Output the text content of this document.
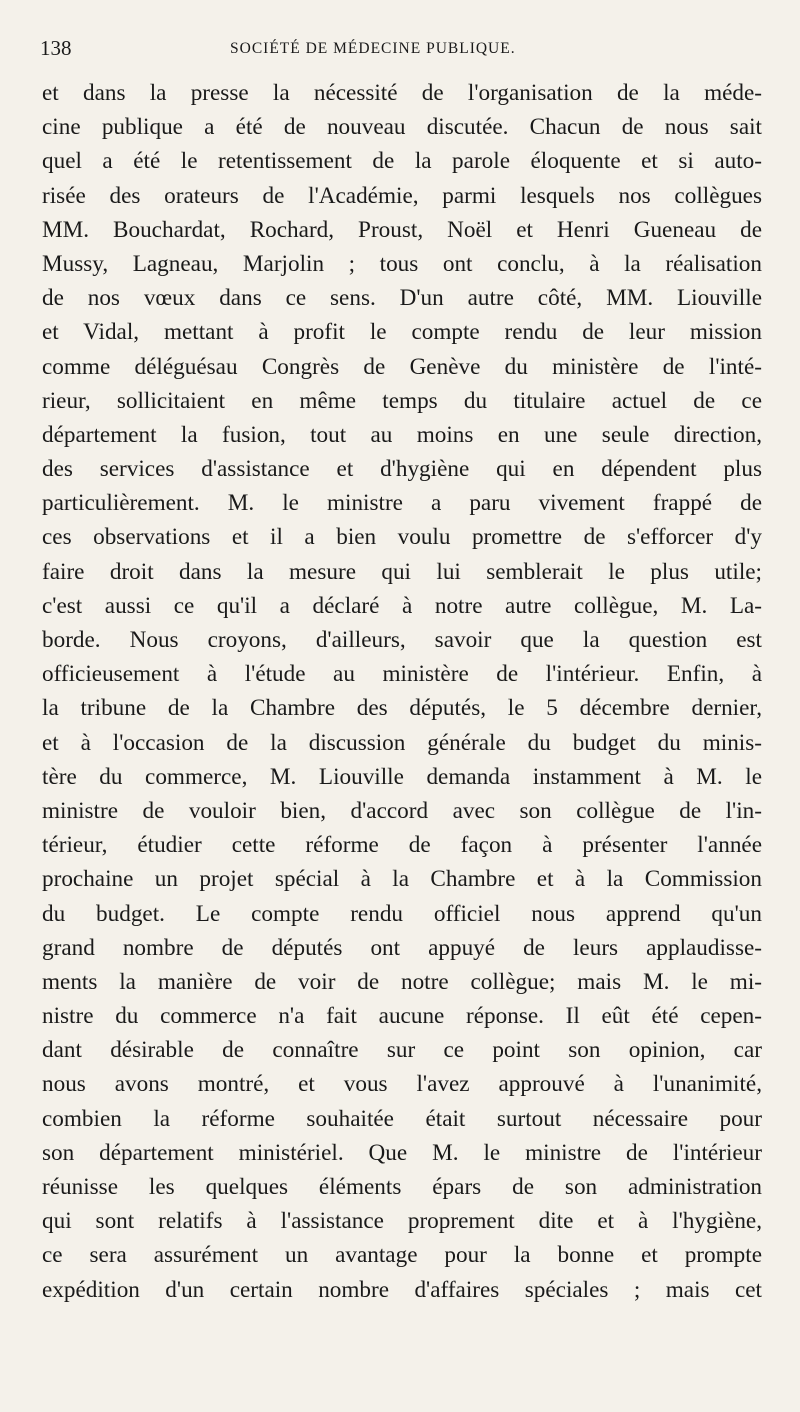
138	SOCIÉTÉ DE MÉDECINE PUBLIQUE.
et dans la presse la nécessité de l'organisation de la méde-
cine publique a été de nouveau discutée. Chacun de nous sait
quel a été le retentissement de la parole éloquente et si auto-
risée des orateurs de l'Académie, parmi lesquels nos collègues
MM. Bouchardat, Rochard, Proust, Noël et Henri Gueneau de
Mussy, Lagneau, Marjolin ; tous ont conclu, à la réalisation
de nos vœux dans ce sens. D'un autre côté, MM. Liouville
et Vidal, mettant à profit le compte rendu de leur mission
comme déléguésau Congrès de Genève du ministère de l'inté-
rieur, sollicitaient en même temps du titulaire actuel de ce
département la fusion, tout au moins en une seule direction,
des services d'assistance et d'hygiène qui en dépendent plus
particulièrement. M. le ministre a paru vivement frappé de
ces observations et il a bien voulu promettre de s'efforcer d'y
faire droit dans la mesure qui lui semblerait le plus utile;
c'est aussi ce qu'il a déclaré à notre autre collègue, M. La-
borde. Nous croyons, d'ailleurs, savoir que la question est
officieusement à l'étude au ministère de l'intérieur. Enfin, à
la tribune de la Chambre des députés, le 5 décembre dernier,
et à l'occasion de la discussion générale du budget du minis-
tère du commerce, M. Liouville demanda instamment à M. le
ministre de vouloir bien, d'accord avec son collègue de l'in-
térieur, étudier cette réforme de façon à présenter l'année
prochaine un projet spécial à la Chambre et à la Commission
du budget. Le compte rendu officiel nous apprend qu'un
grand nombre de députés ont appuyé de leurs applaudisse-
ments la manière de voir de notre collègue; mais M. le mi-
nistre du commerce n'a fait aucune réponse. Il eût été cepen-
dant désirable de connaître sur ce point son opinion, car
nous avons montré, et vous l'avez approuvé à l'unanimité,
combien la réforme souhaitée était surtout nécessaire pour
son département ministériel. Que M. le ministre de l'intérieur
réunisse les quelques éléments épars de son administration
qui sont relatifs à l'assistance proprement dite et à l'hygiène,
ce sera assurément un avantage pour la bonne et prompte
expédition d'un certain nombre d'affaires spéciales ; mais cet
